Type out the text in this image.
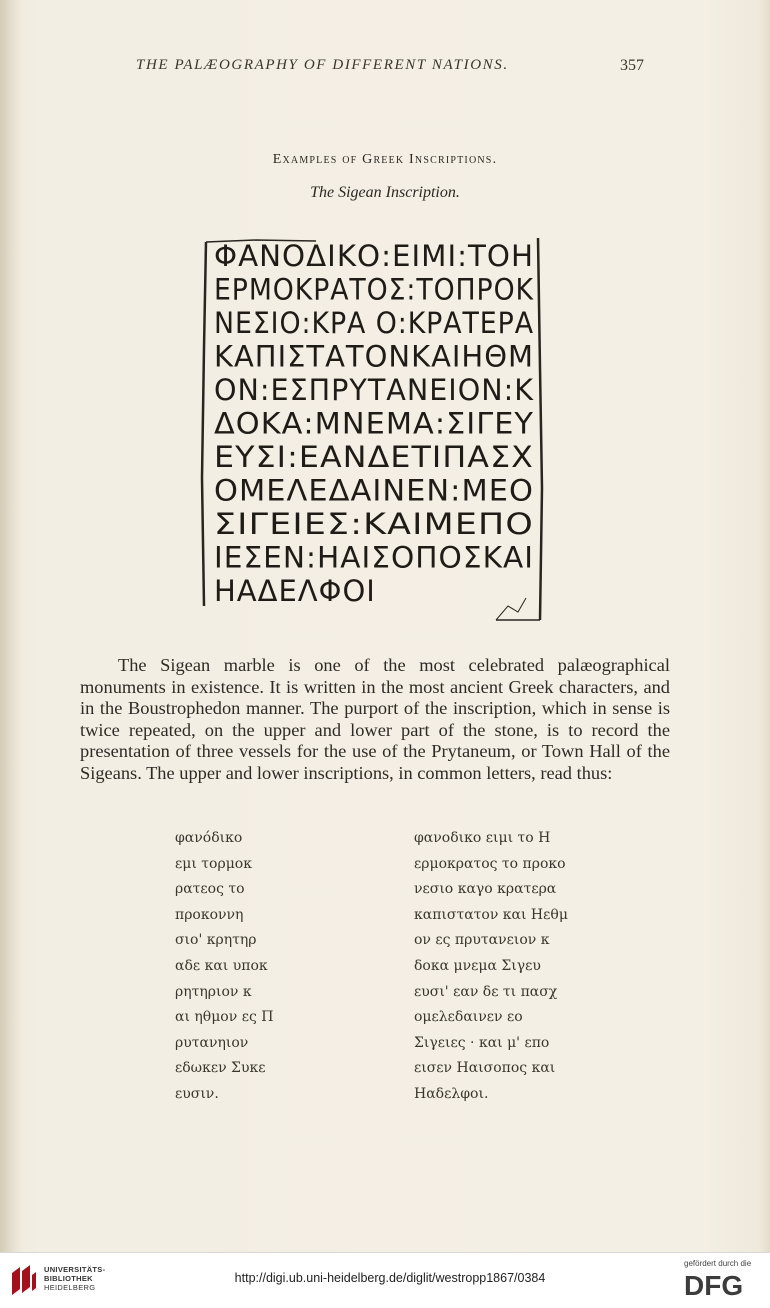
THE PALÆOGRAPHY OF DIFFERENT NATIONS.	357
Examples of Greek Inscriptions.
The Sigean Inscription.
ΦΑΝΟΔΙΚΟ:ΕΙΜΙ:ΤΟΗ
ΕΡΜΟΚΡΑΤΟΣ:ΤΟΠΡΟΚ
ΝΕΣΙΟ:ΚΡΑ Ο:ΚΡΑΤΕΡΑ
ΚΑΠΙΣΤΑΤΟΝΚΑΙΗΘΜ
ΟΝ:ΕΣΠΡΥΤΑΝΕΙΟΝ:Κ
ΔΟΚΑ:ΜΝΕΜΑ:ΣΙΓΕΥ
ΕΥΣΙ:ΕΑΝΔΕΤΙΠΑΣΧ
ΟΜΕΛΕΔΑΙΝΕΝ:ΜΕΟ
ΣΙΓΕΙΕΣ:ΚΑΙΜΕΠΟ
ΙΕΣΕΝ:ΗΑΙΣΟΠΟΣΚΑΙ
ΗΑΔΕΛΦΟΙ

The Sigean marble is one of the most celebrated palæographical monuments in existence. It is written in the most ancient Greek characters, and in the Boustrophedon manner. The purport of the inscription, which in sense is twice repeated, on the upper and lower part of the stone, is to record the presentation of three vessels for the use of the Prytaneum, or Town Hall of the Sigeans. The upper and lower inscriptions, in common letters, read thus:

φανόδικο
εμι τορμοκ
ρατεος το
προκοννη
σιο' κρητηρ
αδε και υποκ
ρητηριον κ
αι ηθμον ες Π
ρυτανηιον
εδωκεν Συκε
ευσιν.
φανοδικο ειμι το Η
ερμοκρατος το προκο
νεσιο καγο κρατερα
καπιστατον και Ηεθμ
ον ες πρυτανειον κ
δοκα μνεμα Σιγευ
ευσι' εαν δε τι πασχ
ομελεδαινεν εο
Σιγειες · και μ' επο
εισεν Ηαισοπος και
Ηαδελφοι.
UNIVERSITÄTS-
BIBLIOTHEK
HEIDELBERG
http://digi.ub.uni-heidelberg.de/diglit/westropp1867/0384
gefördert durch die
DFG
